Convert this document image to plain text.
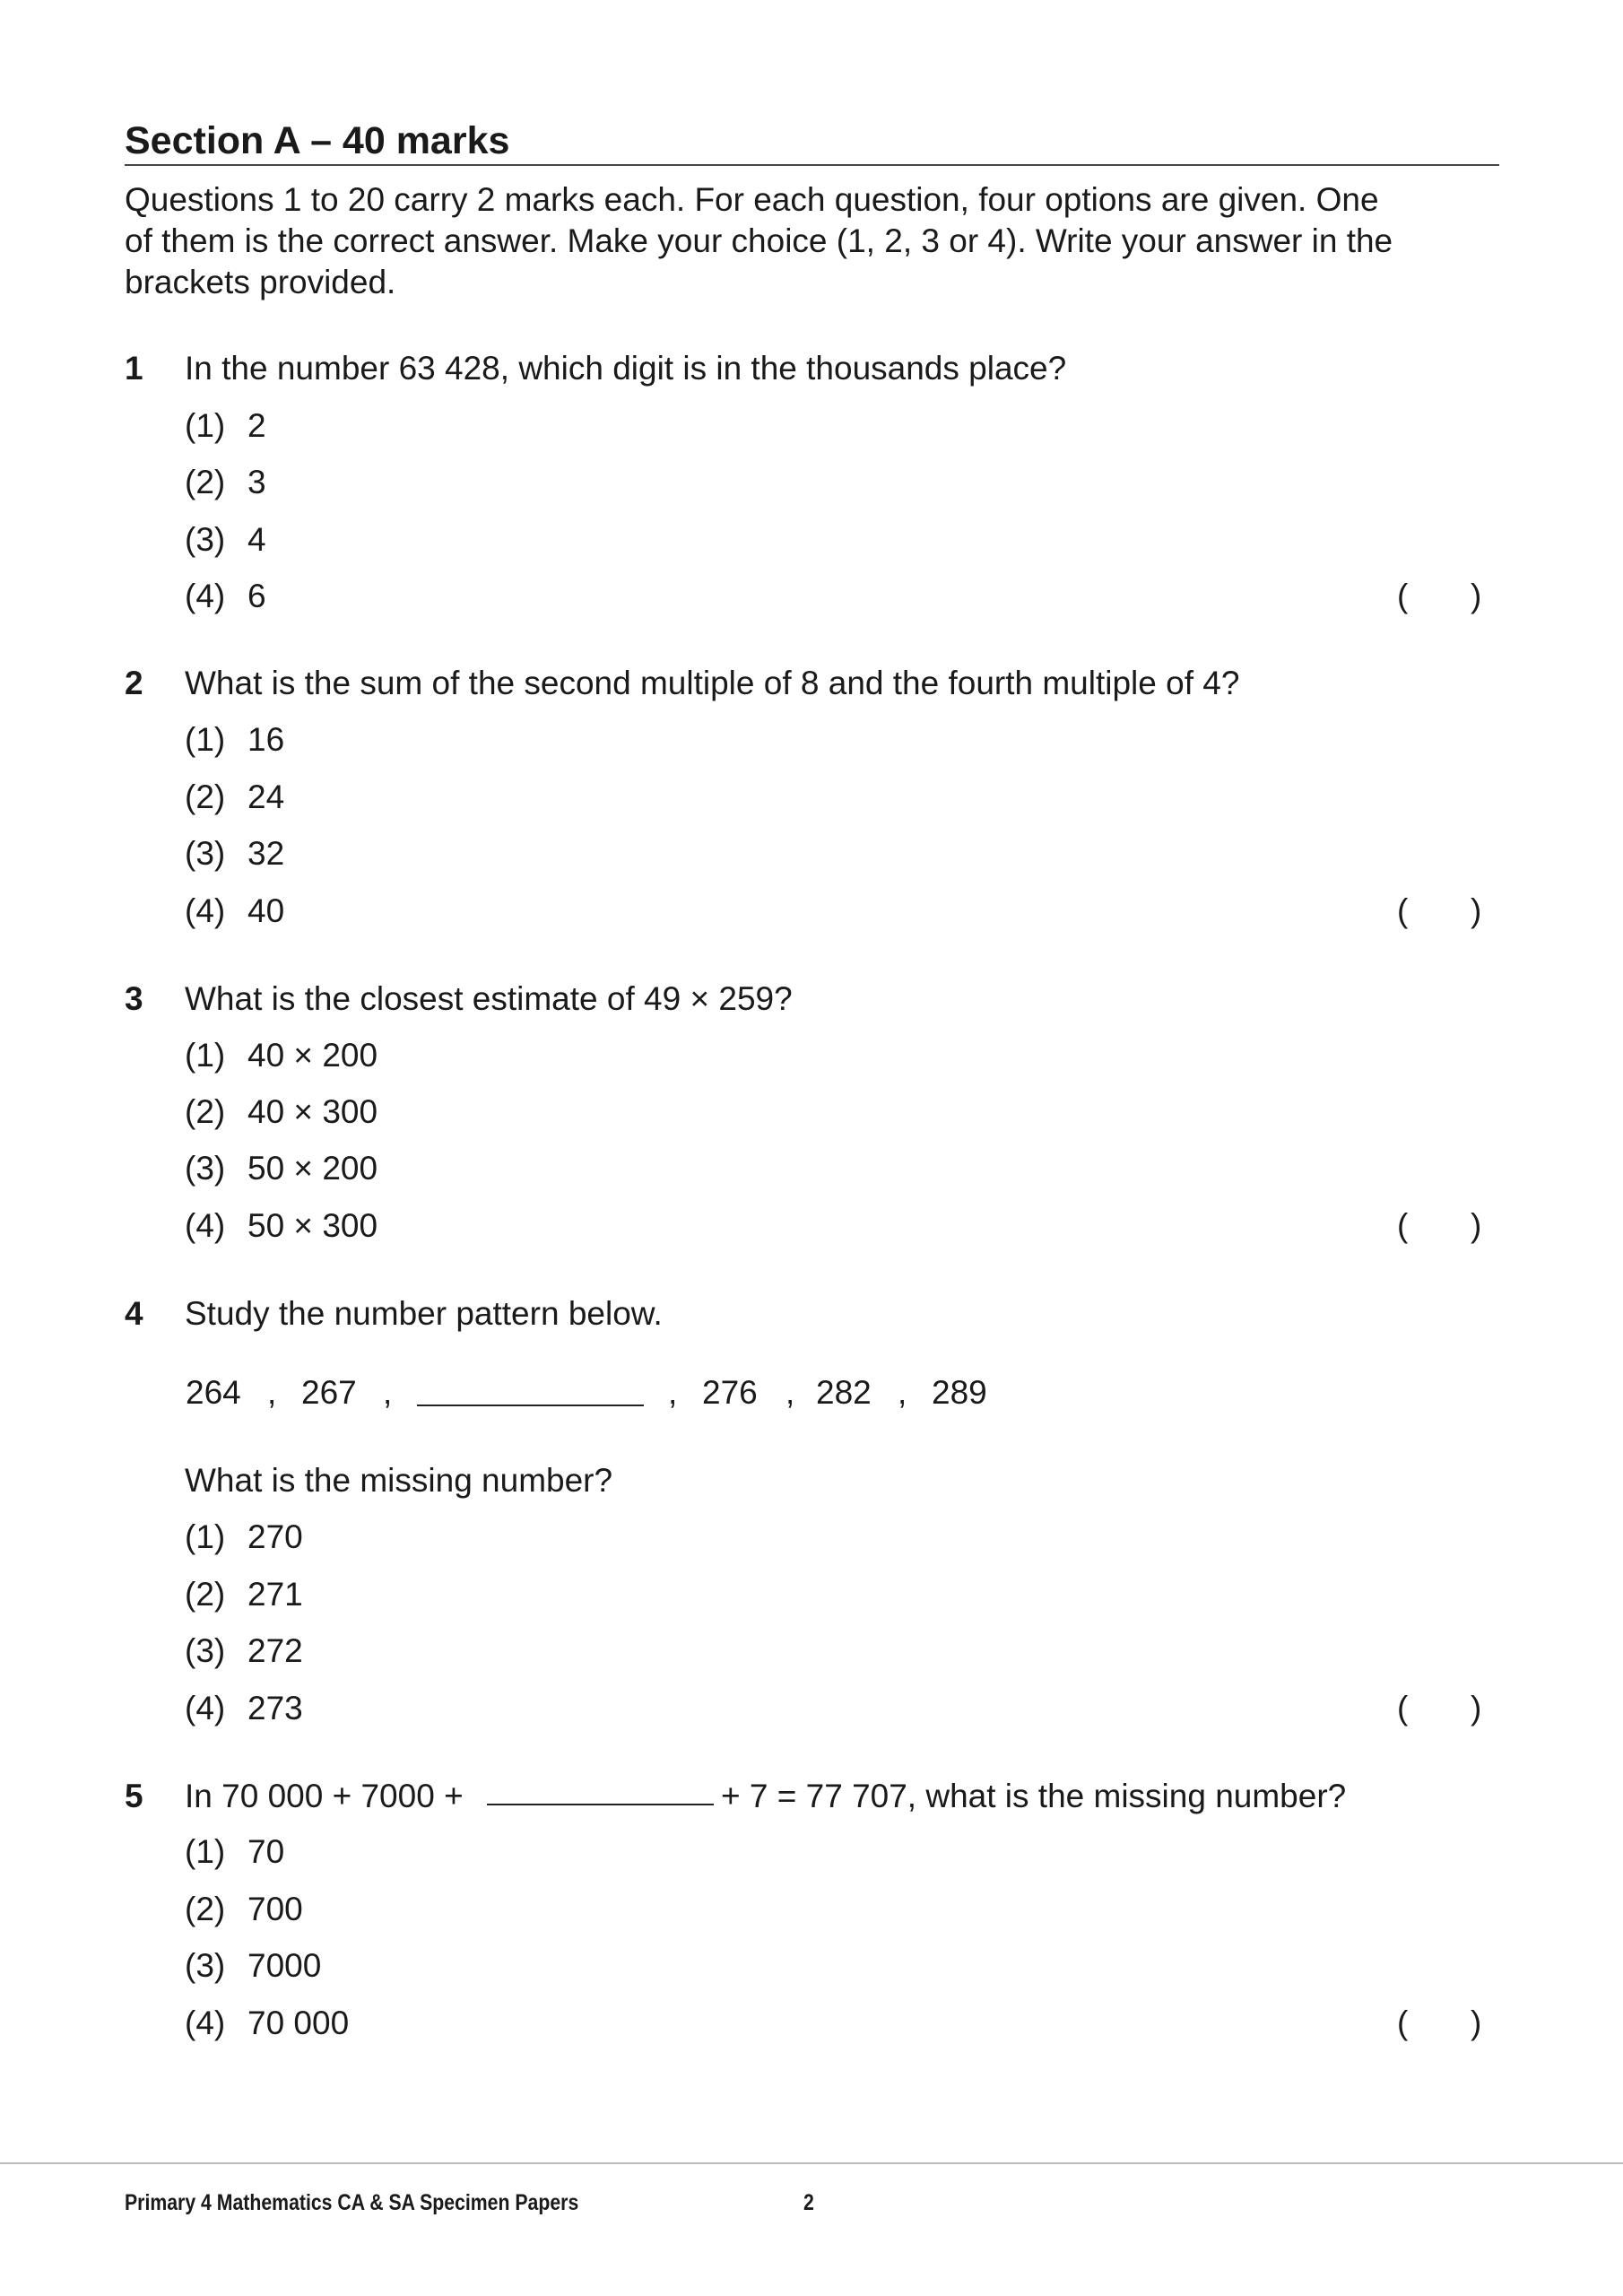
Section A – 40 marks
Questions 1 to 20 carry 2 marks each. For each question, four options are given. One
of them is the correct answer. Make your choice (1, 2, 3 or 4). Write your answer in the
brackets provided.
1 In the number 63 428, which digit is in the thousands place?
(1) 2
(2) 3
(3) 4
(4) 6	( )
2 What is the sum of the second multiple of 8 and the fourth multiple of 4?
(1) 16
(2) 24
(3) 32
(4) 40	( )
3 What is the closest estimate of 49 × 259?
(1) 40 × 200
(2) 40 × 300
(3) 50 × 200
(4) 50 × 300	( )
4 Study the number pattern below.
264 , 267 ,	, 276 , 282 , 289
What is the missing number?
(1) 270
(2) 271
(3) 272
(4) 273	( )
5 In 70 000 + 7000 +	+ 7 = 77 707, what is the missing number?
(1) 70
(2) 700
(3) 7000
(4) 70 000	( )
Primary 4 Mathematics CA & SA Specimen Papers	2
